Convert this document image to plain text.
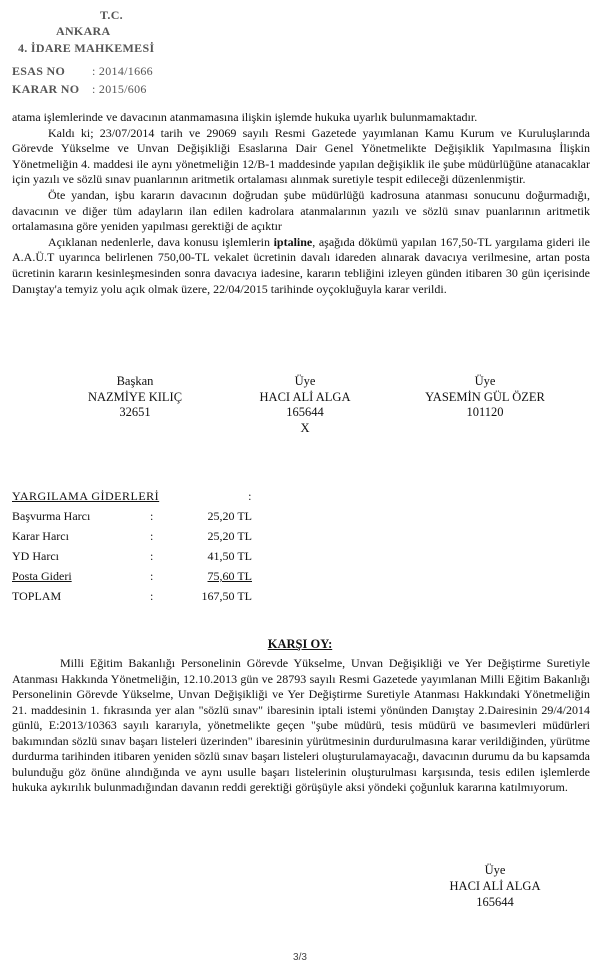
T.C.
ANKARA
4. İDARE MAHKEMESİ
ESAS NO : 2014/1666
KARAR NO : 2015/606

atama işlemlerinde ve davacının atanmamasına ilişkin işlemde hukuka uyarlık bulunmamaktadır.

Kaldı ki; 23/07/2014 tarih ve 29069 sayılı Resmi Gazetede yayımlanan Kamu Kurum ve Kuruluşlarında Görevde Yükselme ve Unvan Değişikliği Esaslarına Dair Genel Yönetmelikte Değişiklik Yapılmasına İlişkin Yönetmeliğin 4. maddesi ile aynı yönetmeliğin 12/B-1 maddesinde yapılan değişiklik ile şube müdürlüğüne atanacaklar için yazılı ve sözlü sınav puanlarının aritmetik ortalaması alınmak suretiyle tespit edileceği düzenlenmiştir.

Öte yandan, işbu kararın davacının doğrudan şube müdürlüğü kadrosuna atanması sonucunu doğurmadığı, davacının ve diğer tüm adayların ilan edilen kadrolara atanmalarının yazılı ve sözlü sınav puanlarının aritmetik ortalamasına göre yeniden yapılması gerektiği de açıktır

Açıklanan nedenlerle, dava konusu işlemlerin iptaline, aşağıda dökümü yapılan 167,50-TL yargılama gideri ile A.A.Ü.T uyarınca belirlenen 750,00-TL vekalet ücretinin davalı idareden alınarak davacıya verilmesine, artan posta ücretinin kararın kesinleşmesinden sonra davacıya iadesine, kararın tebliğini izleyen günden itibaren 30 gün içerisinde Danıştay'a temyiz yolu açık olmak üzere, 22/04/2015 tarihinde oyçokluğuyla karar verildi.

Başkan
NAZMİYE KILIÇ
32651
Üye
HACI ALİ ALGA
165644
X
Üye
YASEMİN GÜL ÖZER
101120
YARGILAMA GİDERLERİ	:
Başvurma Harcı	:	25,20 TL
Karar Harcı	:	25,20 TL
YD Harcı	:	41,50 TL
Posta Gideri	:	75,60 TL
TOPLAM	:	167,50 TL
KARŞI OY:

Milli Eğitim Bakanlığı Personelinin Görevde Yükselme, Unvan Değişikliği ve Yer Değiştirme Suretiyle Atanması Hakkında Yönetmeliğin, 12.10.2013 gün ve 28793 sayılı Resmi Gazetede yayımlanan Milli Eğitim Bakanlığı Personelinin Görevde Yükselme, Unvan Değişikliği ve Yer Değiştirme Suretiyle Atanması Hakkındaki Yönetmeliğin 21. maddesinin 1. fıkrasında yer alan "sözlü sınav" ibaresinin iptali istemi yönünden Danıştay 2.Dairesinin 29/4/2014 günlü, E:2013/10363 sayılı kararıyla, yönetmelikte geçen "şube müdürü, tesis müdürü ve basımevleri müdürleri bakımından sözlü sınav başarı listeleri üzerinden" ibaresinin yürütmesinin durdurulmasına karar verildiğinden, yürütme durdurma tarihinden itibaren yeniden sözlü sınav başarı listeleri oluşturulamayacağı, davacının durumu da bu kapsamda bulunduğu göz önüne alındığında ve aynı usulle başarı listelerinin oluşturulması karşısında, tesis edilen işlemlerde hukuka aykırılık bulunmadığından davanın reddi gerektiği görüşüyle aksi yöndeki çoğunluk kararına katılmıyorum.

Üye
HACI ALİ ALGA
165644
3/3
